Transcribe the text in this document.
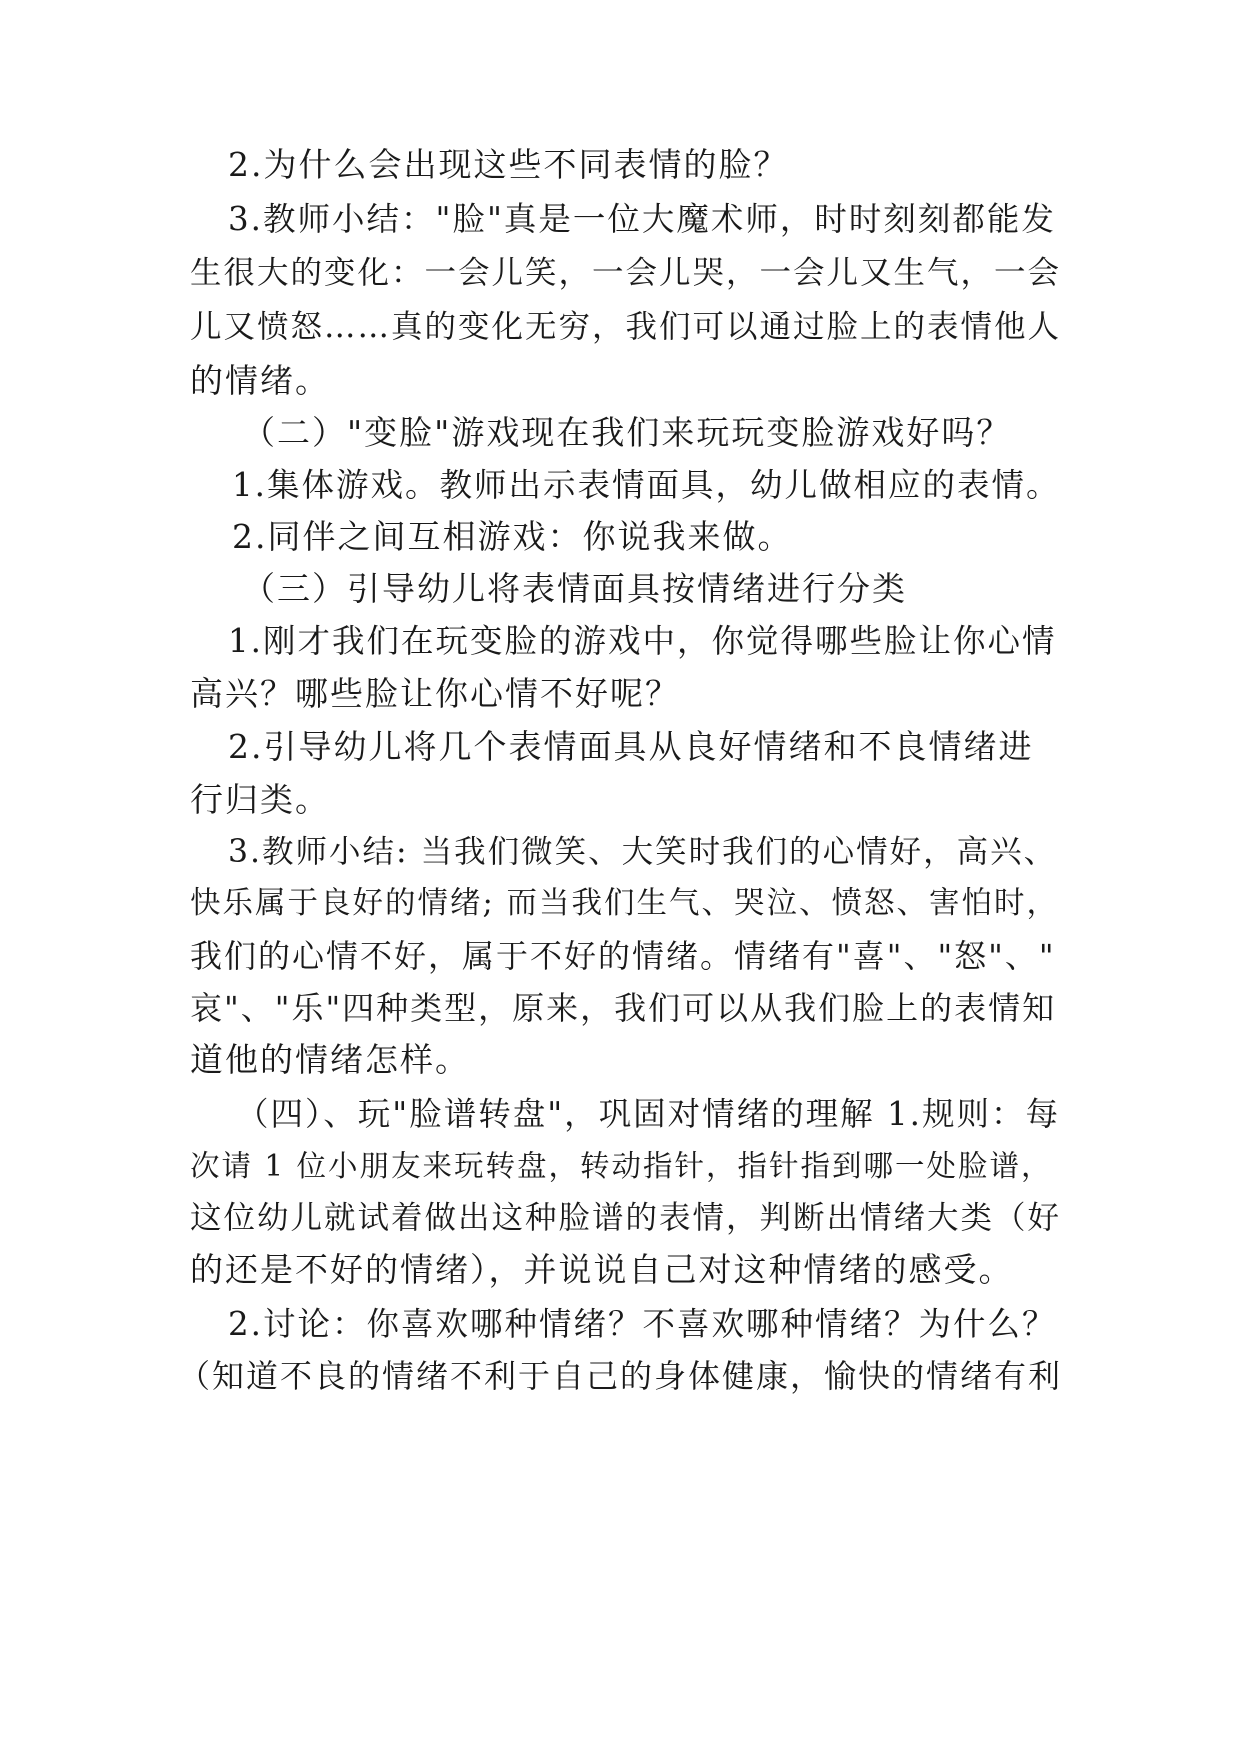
2.为什么会出现这些不同表情的脸？
3.教师小结："脸"真是一位大魔术师，时时刻刻都能发
生很大的变化：一会儿笑，一会儿哭，一会儿又生气，一会
儿又愤怒……真的变化无穷，我们可以通过脸上的表情他人
的情绪。
（二）"变脸"游戏现在我们来玩玩变脸游戏好吗？
1.集体游戏。教师出示表情面具，幼儿做相应的表情。
2.同伴之间互相游戏：你说我来做。
（三）引导幼儿将表情面具按情绪进行分类
1.刚才我们在玩变脸的游戏中，你觉得哪些脸让你心情
高兴？哪些脸让你心情不好呢？
2.引导幼儿将几个表情面具从良好情绪和不良情绪进
行归类。
3.教师小结: 当我们微笑、大笑时我们的心情好，高兴、
快乐属于良好的情绪; 而当我们生气、哭泣、愤怒、害怕时，
我们的心情不好，属于不好的情绪。情绪有"喜"、"怒"、"
哀"、"乐"四种类型，原来，我们可以从我们脸上的表情知
道他的情绪怎样。
（四）、玩"脸谱转盘"，巩固对情绪的理解 1.规则：每
次请 1 位小朋友来玩转盘，转动指针，指针指到哪一处脸谱，
这位幼儿就试着做出这种脸谱的表情，判断出情绪大类（好
的还是不好的情绪），并说说自己对这种情绪的感受。
2.讨论：你喜欢哪种情绪？不喜欢哪种情绪？为什么？
（知道不良的情绪不利于自己的身体健康，愉快的情绪有利
